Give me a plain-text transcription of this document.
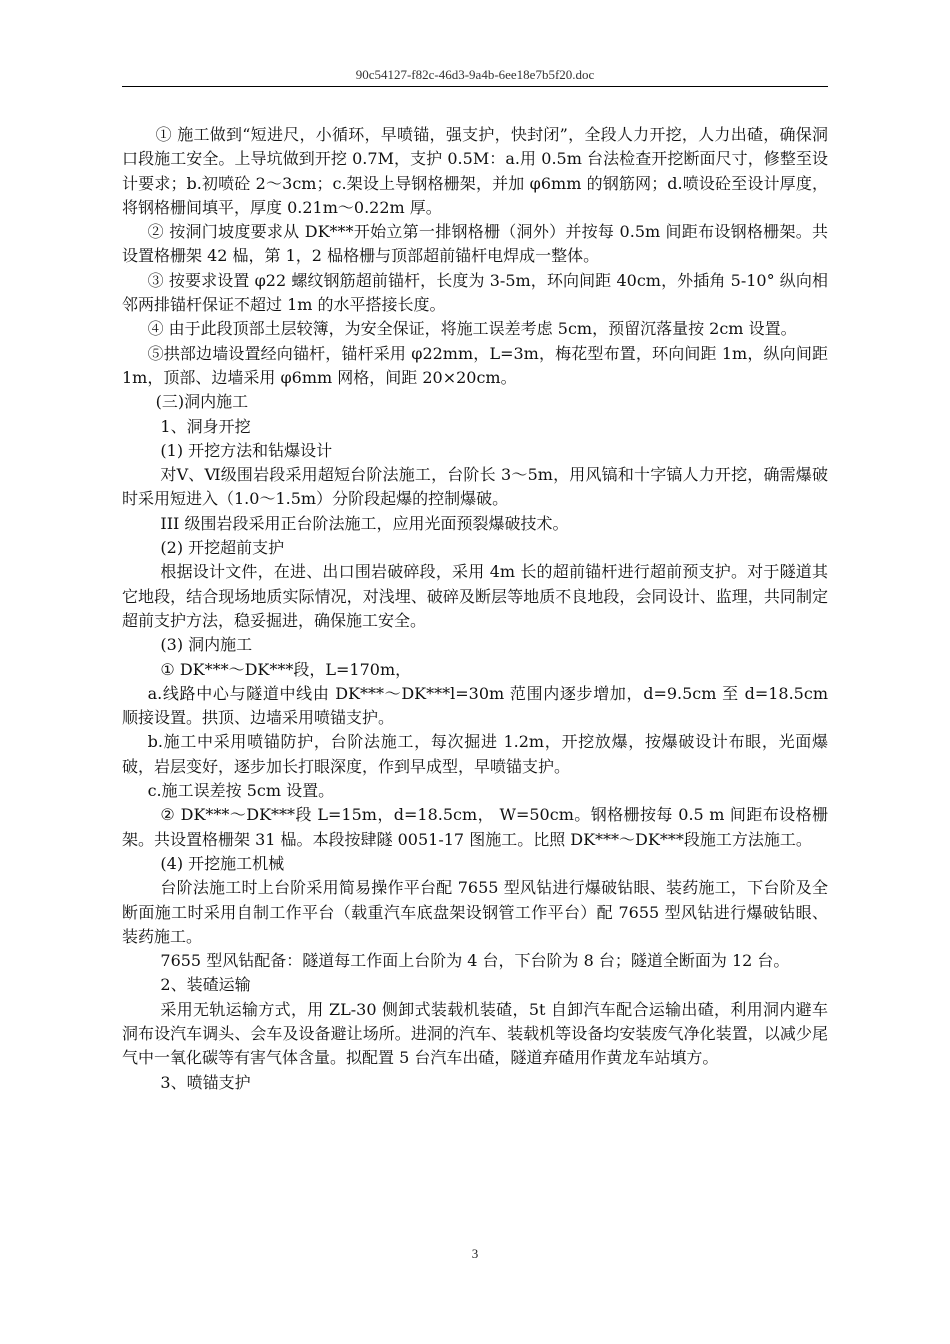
90c54127-f82c-46d3-9a4b-6ee18e7b5f20.doc

① 施工做到“短进尺，小循环，早喷锚，强支护，快封闭”，全段人力开挖，人力出碴，确保洞口段施工安全。上导坑做到开挖 0.7M，支护 0.5M：a.用 0.5m 台法检查开挖断面尺寸，修整至设计要求；b.初喷砼 2～3cm；c.架设上导钢格栅架，并加 φ6mm 的钢筋网；d.喷设砼至设计厚度，将钢格栅间填平，厚度 0.21m～0.22m 厚。

② 按洞门坡度要求从 DK***开始立第一排钢格栅（洞外）并按每 0.5m 间距布设钢格栅架。共设置格栅架 42 榀，第 1，2 榀格栅与顶部超前锚杆电焊成一整体。

③ 按要求设置 φ22 螺纹钢筋超前锚杆，长度为 3-5m，环向间距 40cm，外插角 5-10° 纵向相邻两排锚杆保证不超过 1m 的水平搭接长度。

④ 由于此段顶部土层较簿，为安全保证，将施工误差考虑 5cm，预留沉落量按 2cm 设置。

⑤拱部边墙设置经向锚杆，锚杆采用 φ22mm，L=3m，梅花型布置，环向间距 1m，纵向间距 1m，顶部、边墙采用 φ6mm 网格，间距 20×20cm。

(三)洞内施工

1、洞身开挖

(1) 开挖方法和钻爆设计

对Ⅴ、Ⅵ级围岩段采用超短台阶法施工，台阶长 3～5m，用风镐和十字镐人力开挖，确需爆破时采用短进入（1.0～1.5m）分阶段起爆的控制爆破。

III 级围岩段采用正台阶法施工，应用光面预裂爆破技术。

(2) 开挖超前支护

根据设计文件，在进、出口围岩破碎段，采用 4m 长的超前锚杆进行超前预支护。对于隧道其它地段，结合现场地质实际情况，对浅埋、破碎及断层等地质不良地段，会同设计、监理，共同制定超前支护方法，稳妥掘进，确保施工安全。

(3) 洞内施工

① DK***～DK***段，L=170m，

a.线路中心与隧道中线由 DK***～DK***l=30m 范围内逐步增加，d=9.5cm 至 d=18.5cm 顺接设置。拱顶、边墙采用喷锚支护。

b.施工中采用喷锚防护，台阶法施工，每次掘进 1.2m，开挖放爆，按爆破设计布眼，光面爆破，岩层变好，逐步加长打眼深度，作到早成型，早喷锚支护。

c.施工误差按 5cm 设置。

② DK***～DK***段 L=15m，d=18.5cm， W=50cm。钢格栅按每 0.5 m 间距布设格栅架。共设置格栅架 31 榀。本段按肆隧 0051-17 图施工。比照 DK***～DK***段施工方法施工。

(4) 开挖施工机械

台阶法施工时上台阶采用简易操作平台配 7655 型风钻进行爆破钻眼、装药施工，下台阶及全断面施工时采用自制工作平台（载重汽车底盘架设钢管工作平台）配 7655 型风钻进行爆破钻眼、装药施工。

7655 型风钻配备：隧道每工作面上台阶为 4 台，下台阶为 8 台；隧道全断面为 12 台。

2、装碴运输

采用无轨运输方式，用 ZL-30 侧卸式装载机装碴，5t 自卸汽车配合运输出碴，利用洞内避车洞布设汽车调头、会车及设备避让场所。进洞的汽车、装载机等设备均安装废气净化装置，以减少尾气中一氧化碳等有害气体含量。拟配置 5 台汽车出碴，隧道弃碴用作黄龙车站填方。

3、喷锚支护

3
